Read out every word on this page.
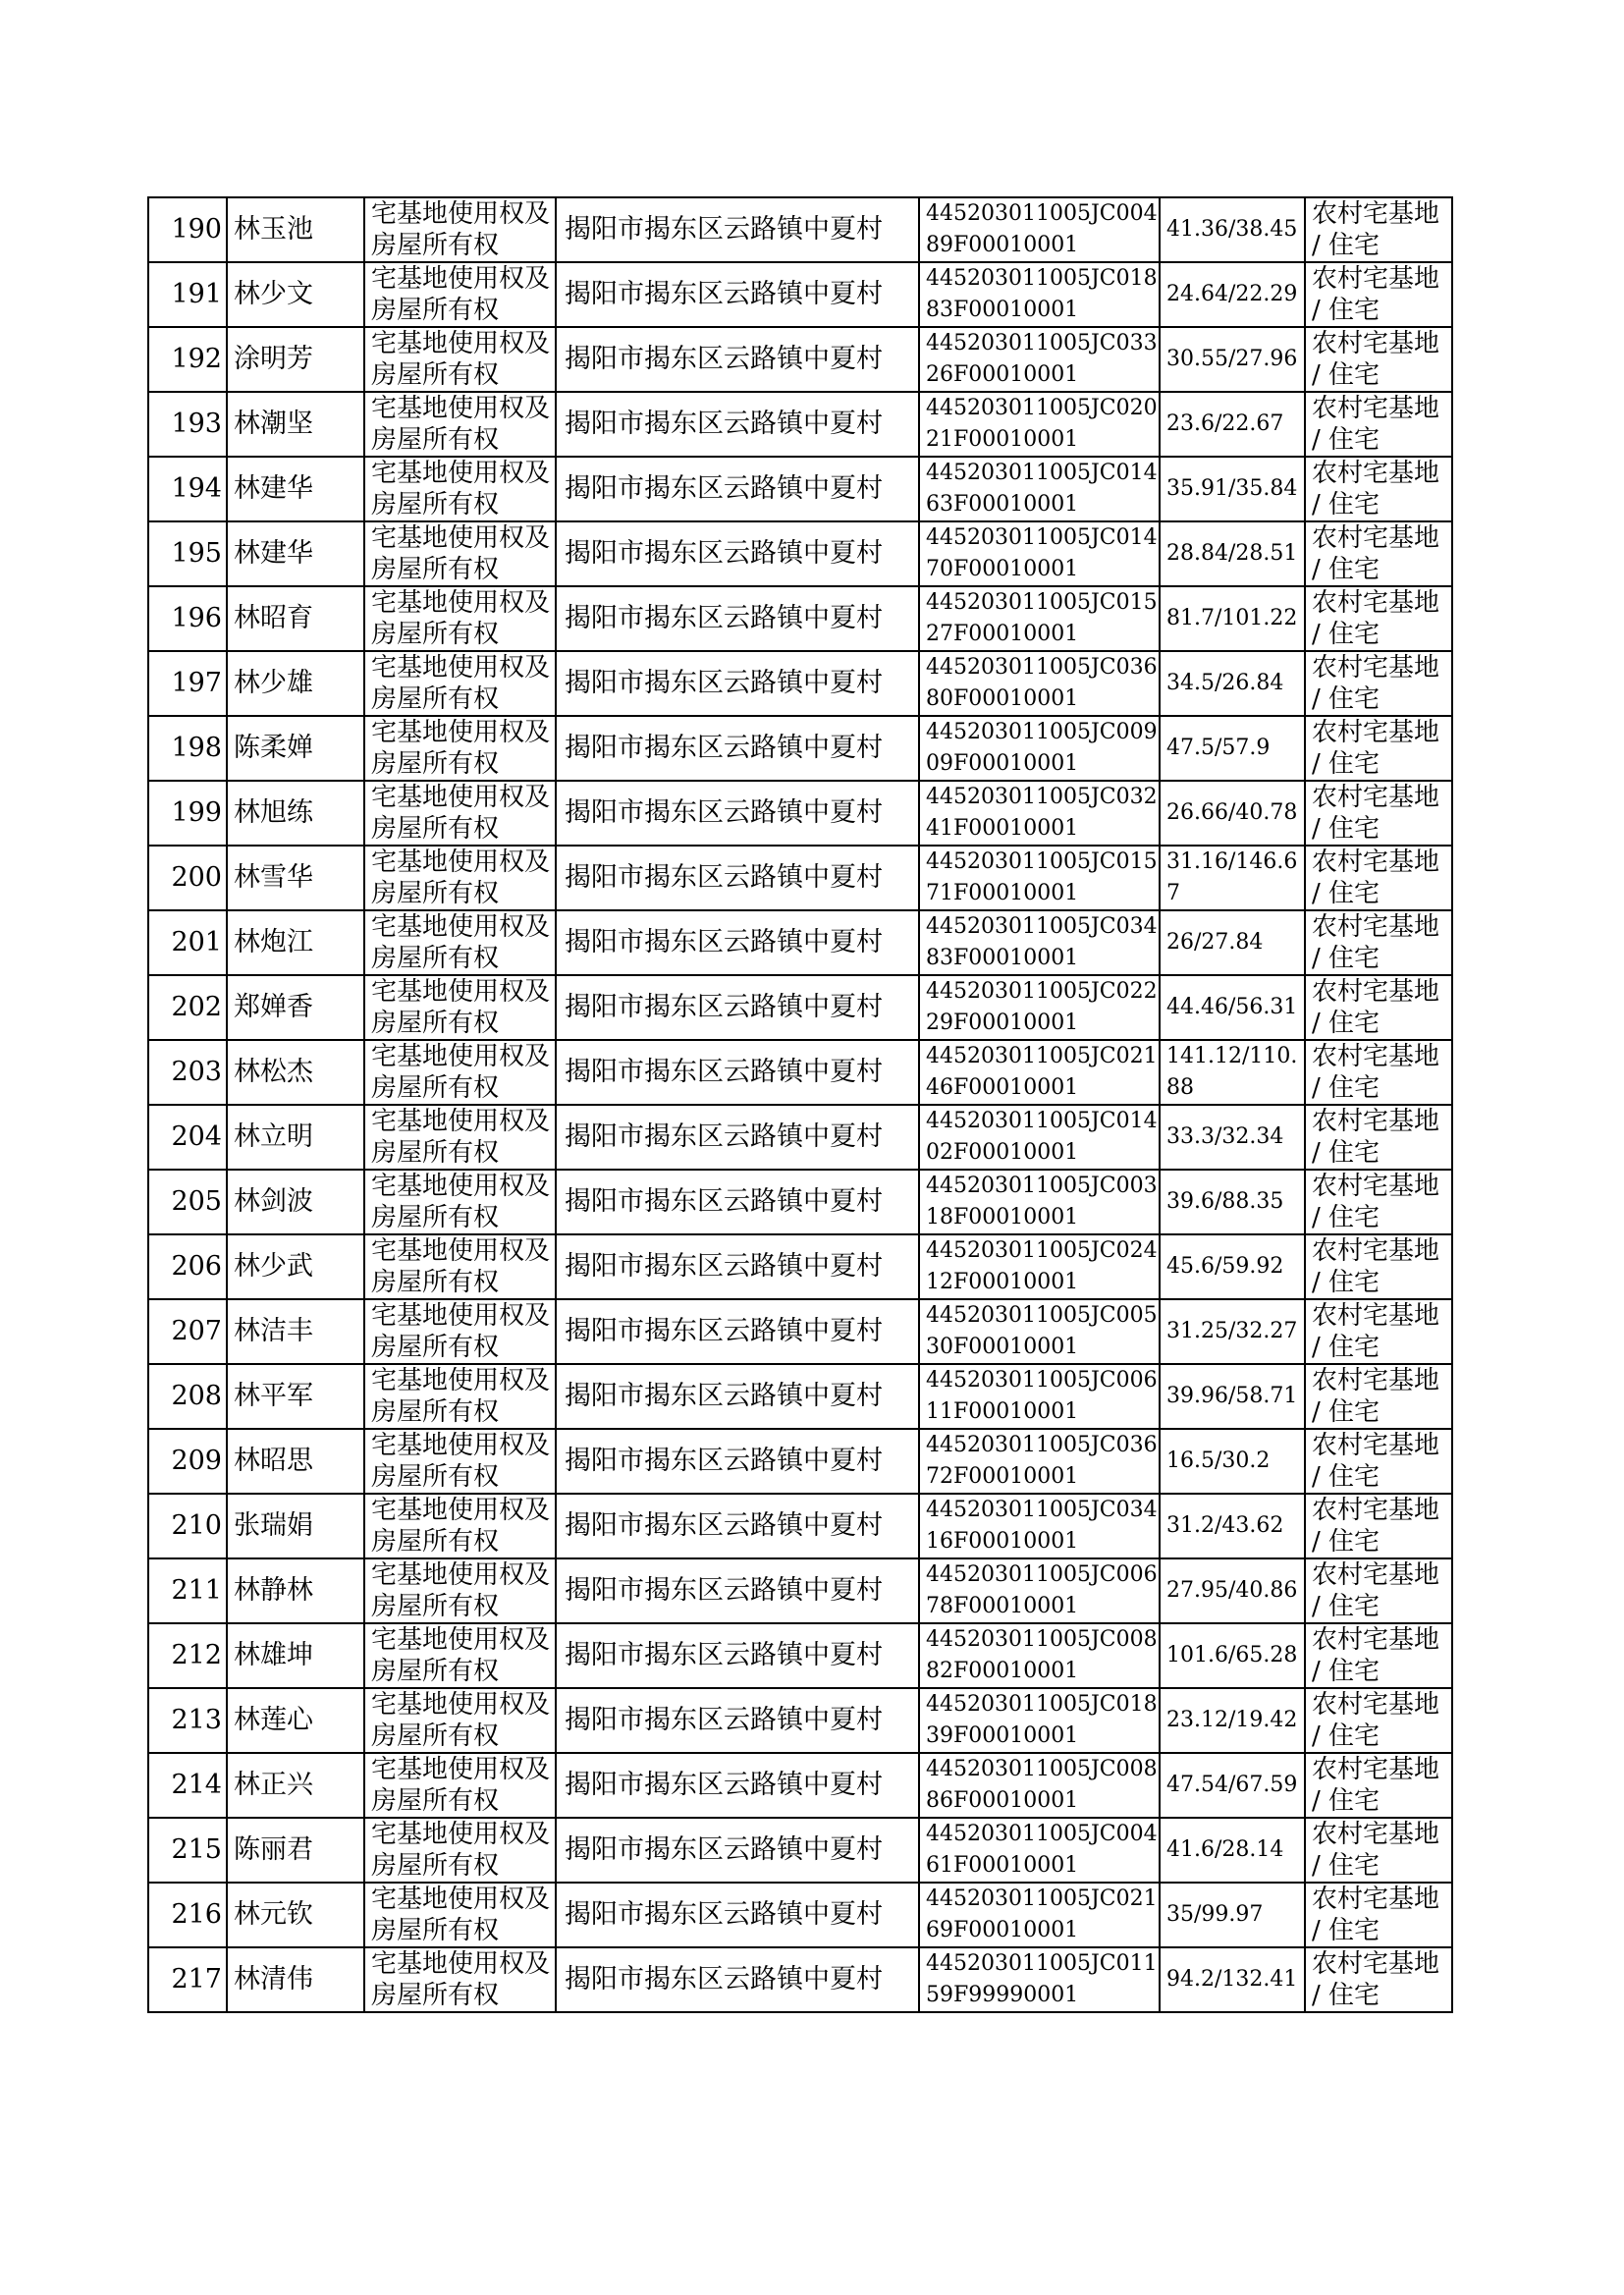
190	林玉池	宅基地使用权及房屋所有权	揭阳市揭东区云路镇中夏村	445203011005JC00489F00010001	41.36/38.45	农村宅基地 / 住宅

191	林少文	宅基地使用权及房屋所有权	揭阳市揭东区云路镇中夏村	445203011005JC01883F00010001	24.64/22.29	农村宅基地 / 住宅

192	涂明芳	宅基地使用权及房屋所有权	揭阳市揭东区云路镇中夏村	445203011005JC03326F00010001	30.55/27.96	农村宅基地 / 住宅

193	林潮坚	宅基地使用权及房屋所有权	揭阳市揭东区云路镇中夏村	445203011005JC02021F00010001	23.6/22.67	农村宅基地 / 住宅

194	林建华	宅基地使用权及房屋所有权	揭阳市揭东区云路镇中夏村	445203011005JC01463F00010001	35.91/35.84	农村宅基地 / 住宅

195	林建华	宅基地使用权及房屋所有权	揭阳市揭东区云路镇中夏村	445203011005JC01470F00010001	28.84/28.51	农村宅基地 / 住宅

196	林昭育	宅基地使用权及房屋所有权	揭阳市揭东区云路镇中夏村	445203011005JC01527F00010001	81.7/101.22	农村宅基地 / 住宅

197	林少雄	宅基地使用权及房屋所有权	揭阳市揭东区云路镇中夏村	445203011005JC03680F00010001	34.5/26.84	农村宅基地 / 住宅

198	陈柔婵	宅基地使用权及房屋所有权	揭阳市揭东区云路镇中夏村	445203011005JC00909F00010001	47.5/57.9	农村宅基地 / 住宅

199	林旭练	宅基地使用权及房屋所有权	揭阳市揭东区云路镇中夏村	445203011005JC03241F00010001	26.66/40.78	农村宅基地 / 住宅

200	林雪华	宅基地使用权及房屋所有权	揭阳市揭东区云路镇中夏村	445203011005JC01571F00010001	31.16/146.67	农村宅基地 / 住宅

201	林炮江	宅基地使用权及房屋所有权	揭阳市揭东区云路镇中夏村	445203011005JC03483F00010001	26/27.84	农村宅基地 / 住宅

202	郑婵香	宅基地使用权及房屋所有权	揭阳市揭东区云路镇中夏村	445203011005JC02229F00010001	44.46/56.31	农村宅基地 / 住宅

203	林松杰	宅基地使用权及房屋所有权	揭阳市揭东区云路镇中夏村	445203011005JC02146F00010001	141.12/110.88	农村宅基地 / 住宅

204	林立明	宅基地使用权及房屋所有权	揭阳市揭东区云路镇中夏村	445203011005JC01402F00010001	33.3/32.34	农村宅基地 / 住宅

205	林剑波	宅基地使用权及房屋所有权	揭阳市揭东区云路镇中夏村	445203011005JC00318F00010001	39.6/88.35	农村宅基地 / 住宅

206	林少武	宅基地使用权及房屋所有权	揭阳市揭东区云路镇中夏村	445203011005JC02412F00010001	45.6/59.92	农村宅基地 / 住宅

207	林洁丰	宅基地使用权及房屋所有权	揭阳市揭东区云路镇中夏村	445203011005JC00530F00010001	31.25/32.27	农村宅基地 / 住宅

208	林平军	宅基地使用权及房屋所有权	揭阳市揭东区云路镇中夏村	445203011005JC00611F00010001	39.96/58.71	农村宅基地 / 住宅

209	林昭思	宅基地使用权及房屋所有权	揭阳市揭东区云路镇中夏村	445203011005JC03672F00010001	16.5/30.2	农村宅基地 / 住宅

210	张瑞娟	宅基地使用权及房屋所有权	揭阳市揭东区云路镇中夏村	445203011005JC03416F00010001	31.2/43.62	农村宅基地 / 住宅

211	林静林	宅基地使用权及房屋所有权	揭阳市揭东区云路镇中夏村	445203011005JC00678F00010001	27.95/40.86	农村宅基地 / 住宅

212	林雄坤	宅基地使用权及房屋所有权	揭阳市揭东区云路镇中夏村	445203011005JC00882F00010001	101.6/65.28	农村宅基地 / 住宅

213	林莲心	宅基地使用权及房屋所有权	揭阳市揭东区云路镇中夏村	445203011005JC01839F00010001	23.12/19.42	农村宅基地 / 住宅

214	林正兴	宅基地使用权及房屋所有权	揭阳市揭东区云路镇中夏村	445203011005JC00886F00010001	47.54/67.59	农村宅基地 / 住宅

215	陈丽君	宅基地使用权及房屋所有权	揭阳市揭东区云路镇中夏村	445203011005JC00461F00010001	41.6/28.14	农村宅基地 / 住宅

216	林元钦	宅基地使用权及房屋所有权	揭阳市揭东区云路镇中夏村	445203011005JC02169F00010001	35/99.97	农村宅基地 / 住宅

217	林清伟	宅基地使用权及房屋所有权	揭阳市揭东区云路镇中夏村	445203011005JC01159F99990001	94.2/132.41	农村宅基地 / 住宅
